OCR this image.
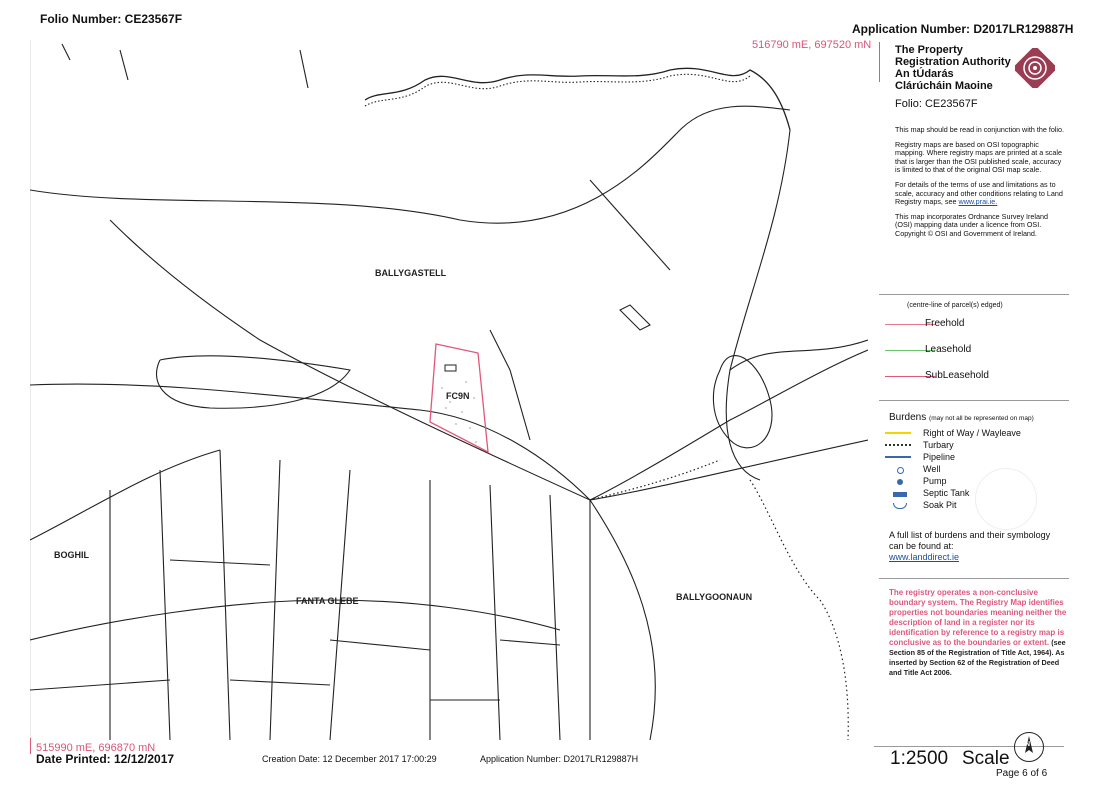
Folio Number: CE23567F
Application Number: D2017LR129887H
516790 mE, 697520 mN
BALLYGASTELL
BOGHIL
FANTA GLEBE	BALLYGOONAUN
FC9N
The Property
Registration Authority
An tÚdarás
Clárúcháin Maoine
Folio: CE23567F

This map should be read in conjunction with the folio.

Registry maps are based on OSI topographic mapping. Where registry maps are printed at a scale that is larger than the OSI published scale, accuracy is limited to that of the original OSI map scale.

For details of the terms of use and limitations as to scale, accuracy and other conditions relating to Land Registry maps, see www.prai.ie.

This map incorporates Ordnance Survey Ireland (OSI) mapping data under a licence from OSI. Copyright © OSI and Government of Ireland.

(centre-line of parcel(s) edged)
Freehold
Leasehold
SubLeasehold
Burdens (may not all be represented on map)
Right of Way / Wayleave
Turbary
Pipeline
Well
Pump
Septic Tank
Soak Pit
A full list of burdens and their symbology can be found at:
www.landdirect.ie
The registry operates a non-conclusive boundary system. The Registry Map identifies properties not boundaries meaning neither the description of land in a register nor its identification by reference to a registry map is conclusive as to the boundaries or extent. (see Section 85 of the Registration of Title Act, 1964). As inserted by Section 62 of the Registration of Deed and Title Act 2006.
515990 mE, 696870 mN
Date Printed: 12/12/2017	Creation Date: 12 December 2017 17:00:29	Application Number: D2017LR129887H	1:2500 Scale
N
Page 6 of 6
